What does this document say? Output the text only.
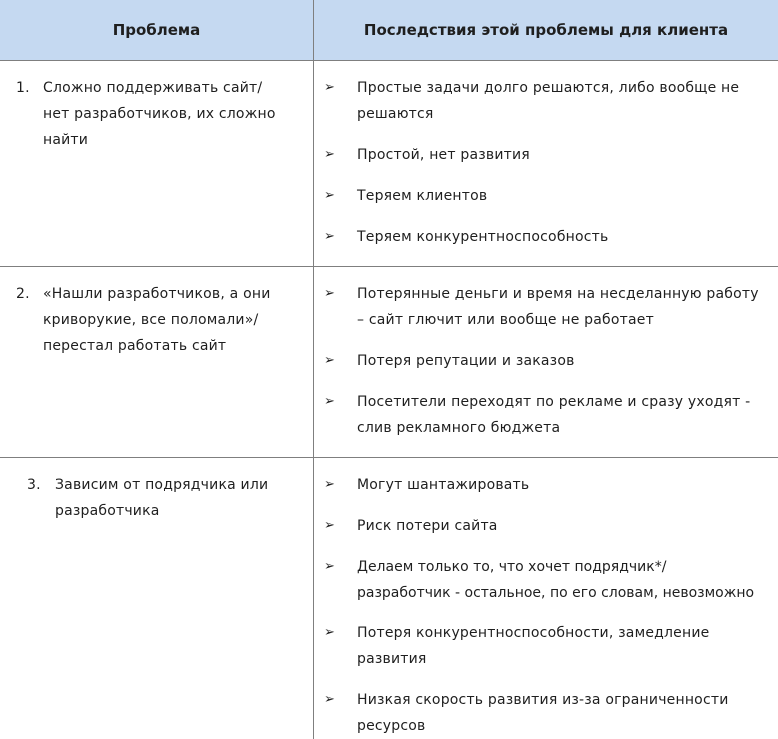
Проблема	Последствия этой проблемы для клиента
1. Сложно поддерживать сайт/
нет разработчиков, их сложно
найти
➢	Простые задачи долго решаются, либо вообще не
решаются
➢	Простой, нет развития
➢	Теряем клиентов
➢	Теряем конкурентноспособность
2. «Нашли разработчиков, а они
криворукие, все поломали»/
перестал работать сайт
➢	Потерянные деньги и время на несделанную работу
– сайт глючит или вообще не работает
➢	Потеря репутации и заказов
➢	Посетители переходят по рекламе и сразу уходят -
слив рекламного бюджета
3. Зависим от подрядчика или
разработчика
➢	Могут шантажировать
➢	Риск потери сайта
➢	Делаем только то, что хочет подрядчик*/
разработчик - остальное, по его словам, невозможно
➢	Потеря конкурентноспособности, замедление
развития
➢	Низкая скорость развития из-за ограниченности
ресурсов
